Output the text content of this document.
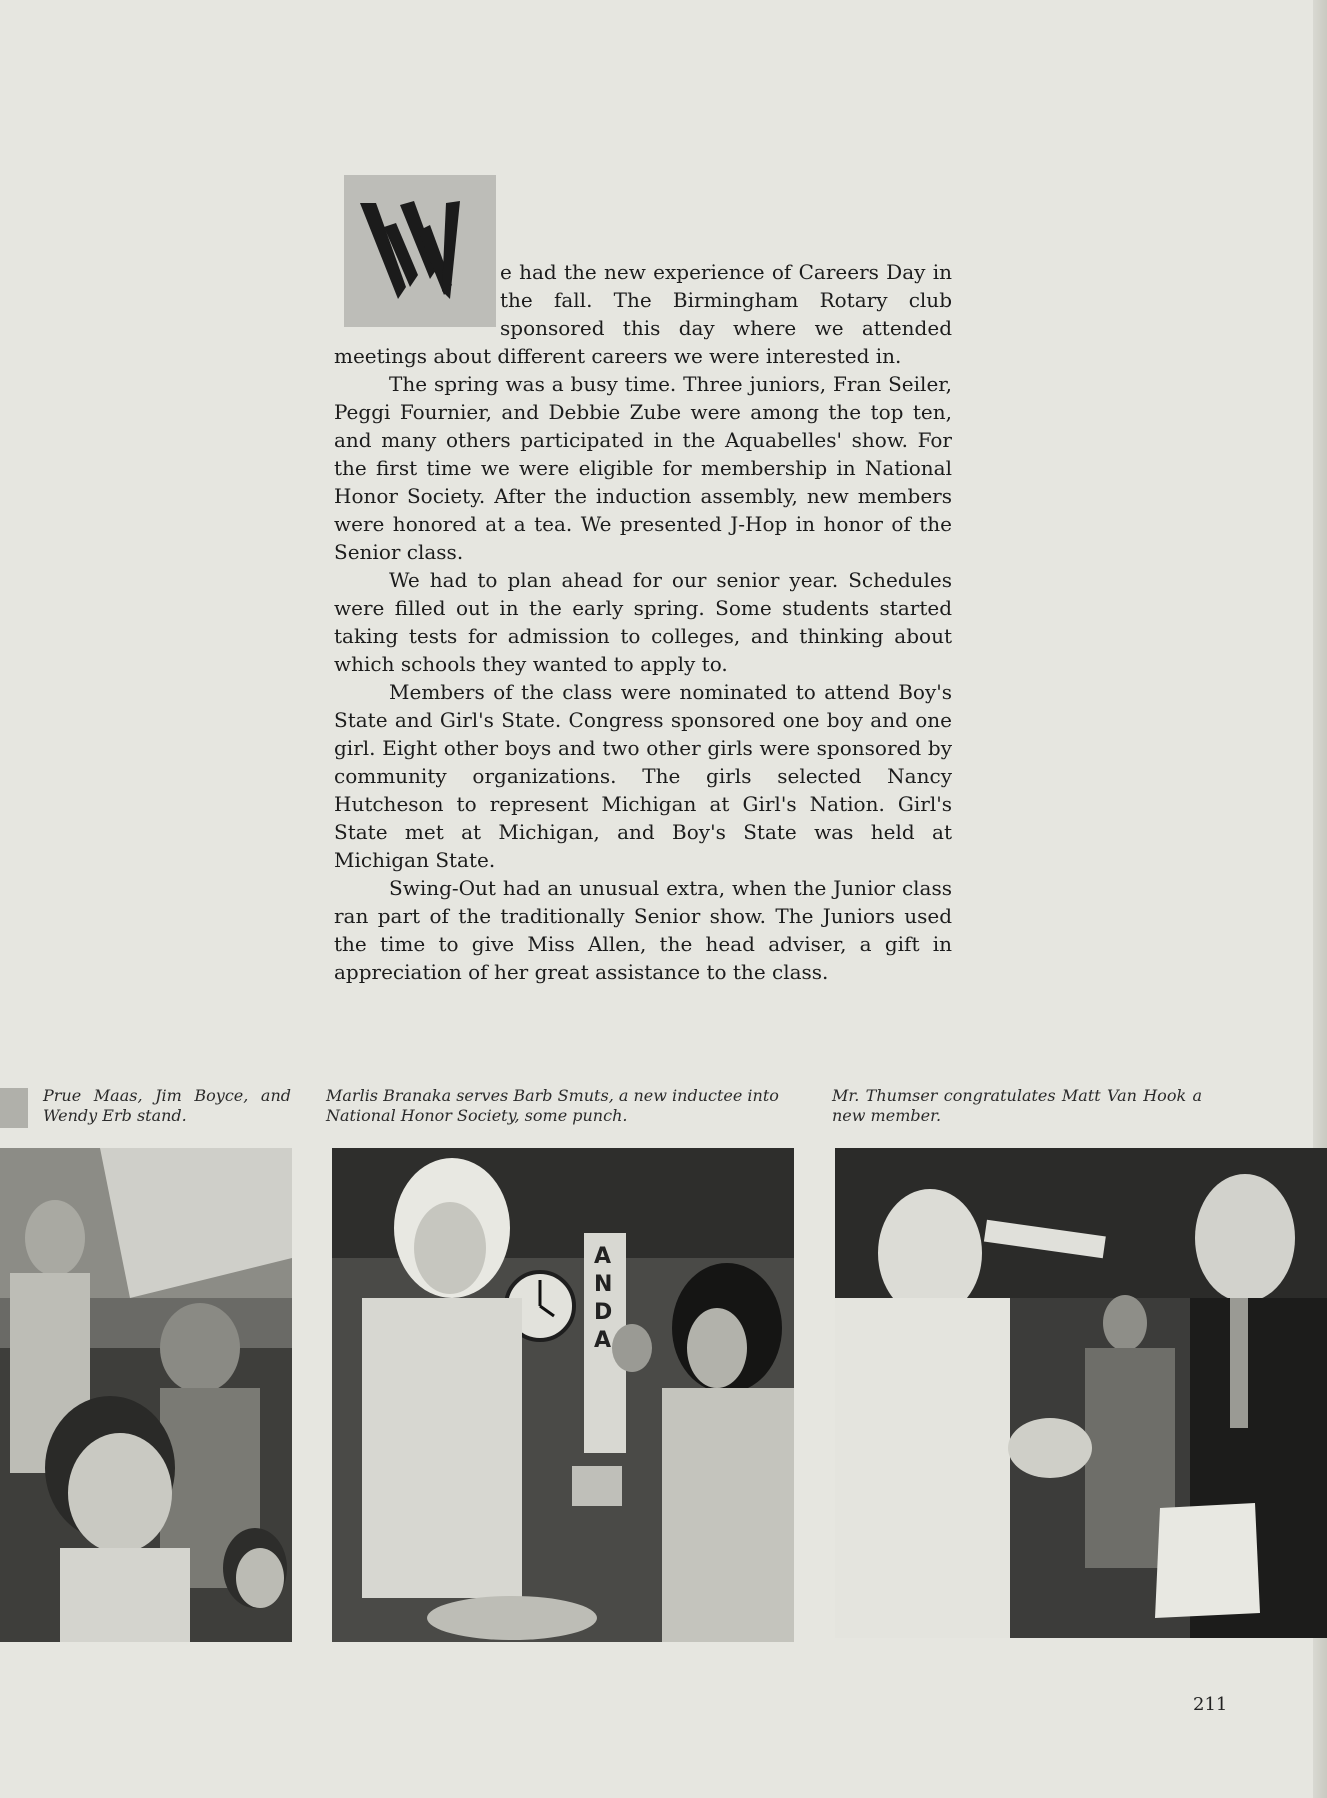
e had the new experience of Careers Day in the fall. The Birmingham Rotary club sponsored this day where we attended meetings about different careers we were interested in.

The spring was a busy time. Three juniors, Fran Seiler, Peggi Fournier, and Debbie Zube were among the top ten, and many others participated in the Aquabelles' show. For the first time we were eligible for membership in National Honor Society. After the induction assembly, new members were honored at a tea. We presented J-Hop in honor of the Senior class.

We had to plan ahead for our senior year. Schedules were filled out in the early spring. Some students started taking tests for admission to colleges, and thinking about which schools they wanted to apply to.

Members of the class were nominated to attend Boy's State and Girl's State. Congress sponsored one boy and one girl. Eight other boys and two other girls were sponsored by community organizations. The girls selected Nancy Hutcheson to represent Michigan at Girl's Nation. Girl's State met at Michigan, and Boy's State was held at Michigan State.

Swing-Out had an unusual extra, when the Junior class ran part of the traditionally Senior show. The Juniors used the time to give Miss Allen, the head adviser, a gift in appreciation of her great assistance to the class.

Prue Maas, Jim Boyce, and Wendy Erb stand.

Marlis Branaka serves Barb Smuts, a new inductee into National Honor Society, some punch.

Mr. Thumser congratulates Matt Van Hook a new member.

ANDA
211
